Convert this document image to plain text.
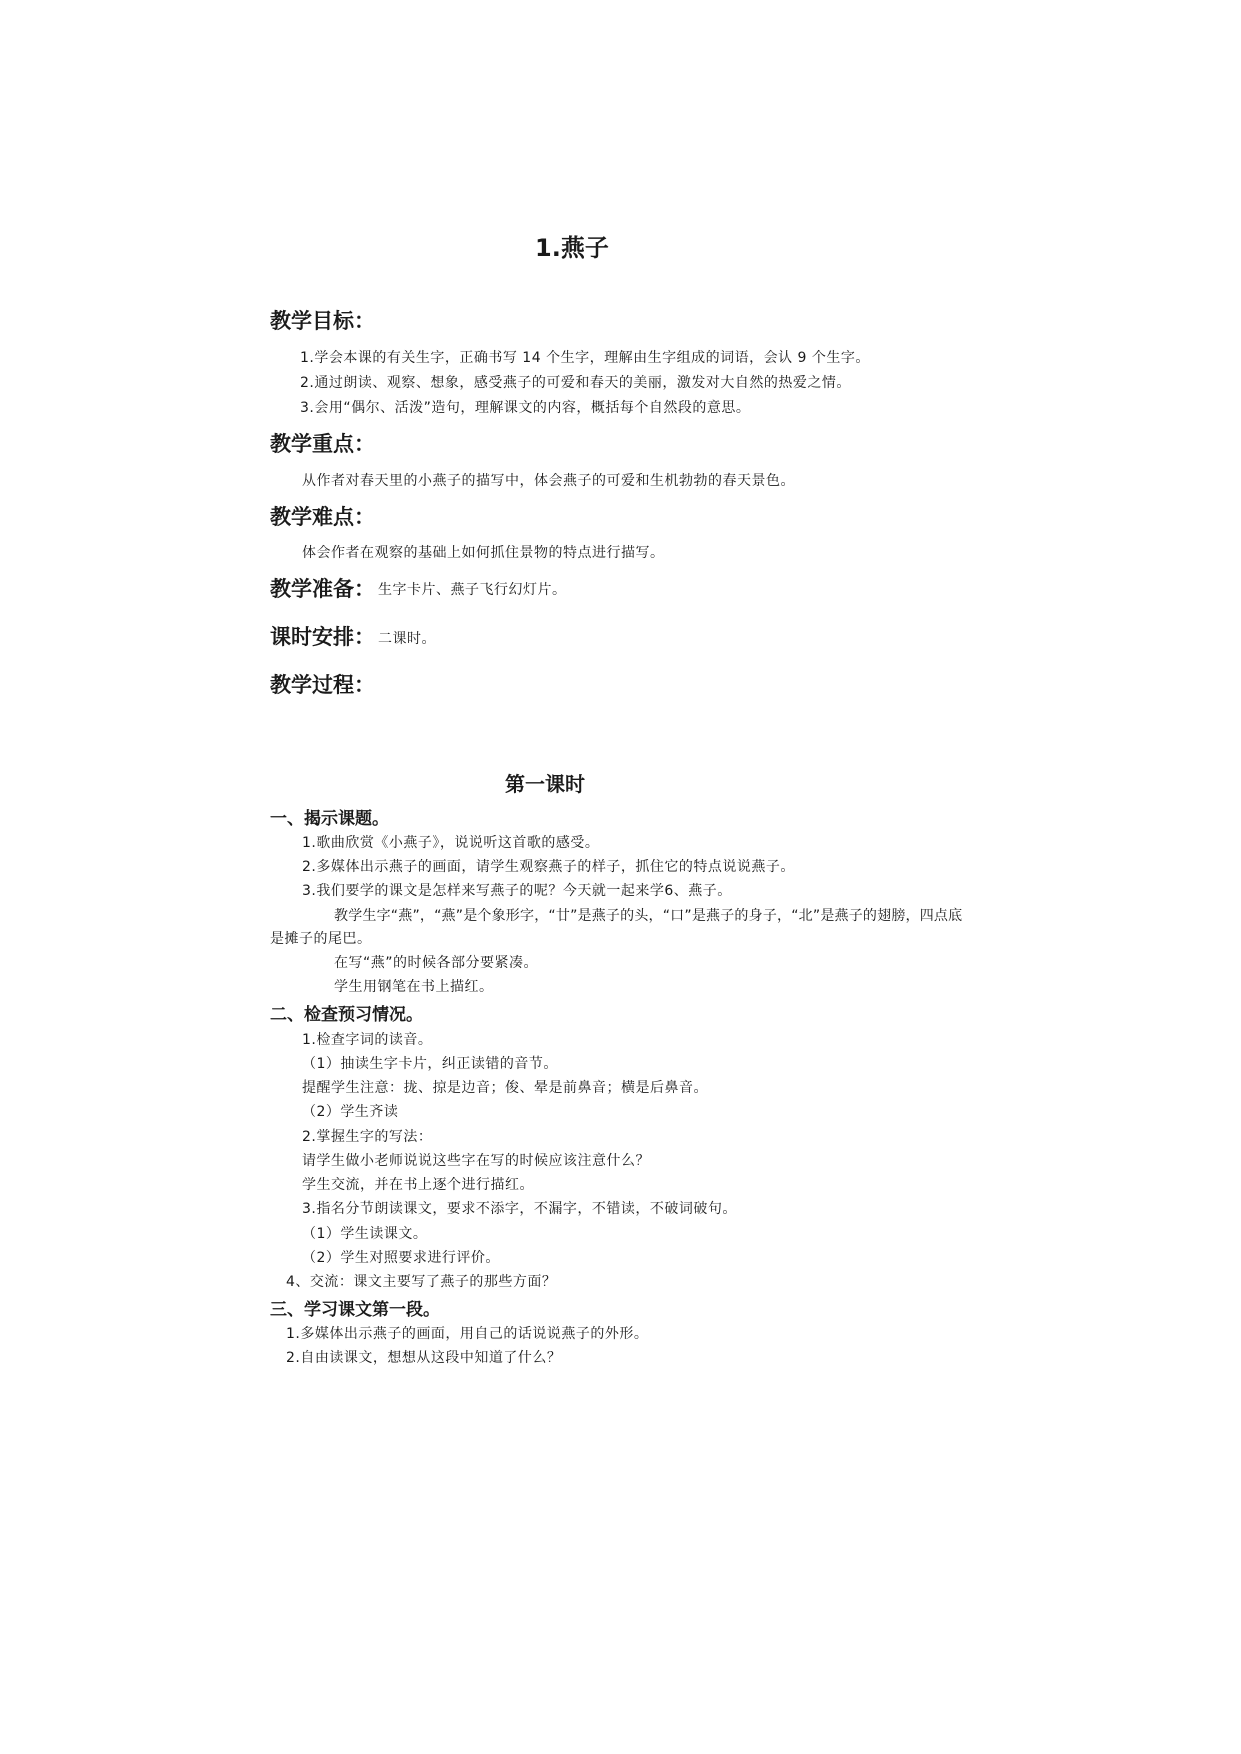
1.燕子
教学目标：
1.学会本课的有关生字，正确书写 14 个生字，理解由生字组成的词语，会认 9 个生字。
2.通过朗读、观察、想象，感受燕子的可爱和春天的美丽，激发对大自然的热爱之情。
3.会用“偶尔、活泼”造句，理解课文的内容，概括每个自然段的意思。
教学重点：
从作者对春天里的小燕子的描写中，体会燕子的可爱和生机勃勃的春天景色。
教学难点：
体会作者在观察的基础上如何抓住景物的特点进行描写。
教学准备： 生字卡片、燕子飞行幻灯片。
课时安排： 二课时。
教学过程：
第一课时
一、揭示课题。
1.歌曲欣赏《小燕子》，说说听这首歌的感受。
2.多媒体出示燕子的画面，请学生观察燕子的样子，抓住它的特点说说燕子。
3.我们要学的课文是怎样来写燕子的呢？今天就一起来学6、燕子。
教学生字“燕”，“燕”是个象形字，“廿”是燕子的头，“口”是燕子的身子，“北”是燕子的翅膀，四点底
是摊子的尾巴。
在写“燕”的时候各部分要紧凑。
学生用钢笔在书上描红。
二、检查预习情况。
1.检查字词的读音。
（1）抽读生字卡片，纠正读错的音节。
提醒学生注意：拢、掠是边音；俊、晕是前鼻音；横是后鼻音。
（2）学生齐读
2.掌握生字的写法：
请学生做小老师说说这些字在写的时候应该注意什么？
学生交流，并在书上逐个进行描红。
3.指名分节朗读课文，要求不添字，不漏字，不错读，不破词破句。
（1）学生读课文。
（2）学生对照要求进行评价。
4、交流：课文主要写了燕子的那些方面？
三、学习课文第一段。
1.多媒体出示燕子的画面，用自己的话说说燕子的外形。
2.自由读课文，想想从这段中知道了什么？
